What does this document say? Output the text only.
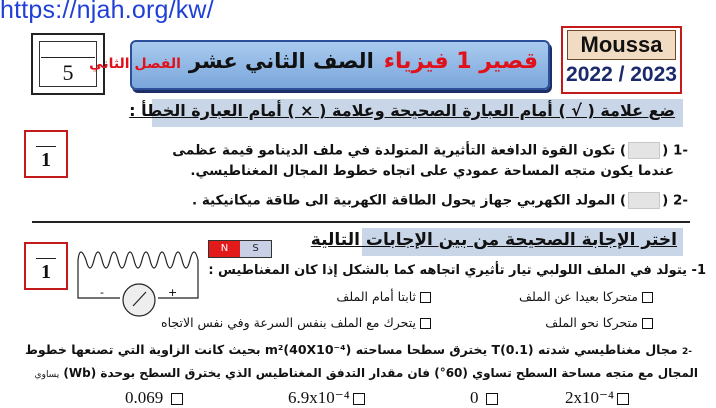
https://njah.org/kw/
5	قصير 1 فيزياءالصف الثاني عشرالفصل الثاني
Moussa
2022 / 2023
ضع علامة ( √ ) أمام العبارة الصحيحة وعلامة ( × ) أمام العبارة الخطأ :
1	-1 () تكون القوة الدافعة التأثيرية المتولدة في ملف الدينامو قيمة عظمى
عندما يكون متجه المساحة عمودي على اتجاه خطوط المجال المغناطيسي.
-2 () المولد الكهربي جهاز يحول الطاقة الكهربية الى طاقة ميكانيكية .
اختر الإجابة الصحيحة من بين الإجابات التالية
1
-	+
N	S
1- يتولد في الملف اللولبي تيار تأثيري اتجاهه كما بالشكل إذا كان المغناطيس :
متحركا بعيدا عن الملف
ثابتا أمام الملف
متحركا نحو الملف
يتحرك مع الملف بنفس السرعة وفي نفس الاتجاه
-2 مجال مغناطيسي شدته T(0.1) يخترق سطحا مساحته (40X10⁻⁴)m² بحيث كانت الزاوية التي تصنعها خطوط
المجال مع متجه مساحة السطح تساوي (60°) فان مقدار التدفق المغناطيس الذي يخترق السطح بوحدة (Wb) يساوي
0.069	6.9x10⁻⁴	0	2x10⁻⁴
